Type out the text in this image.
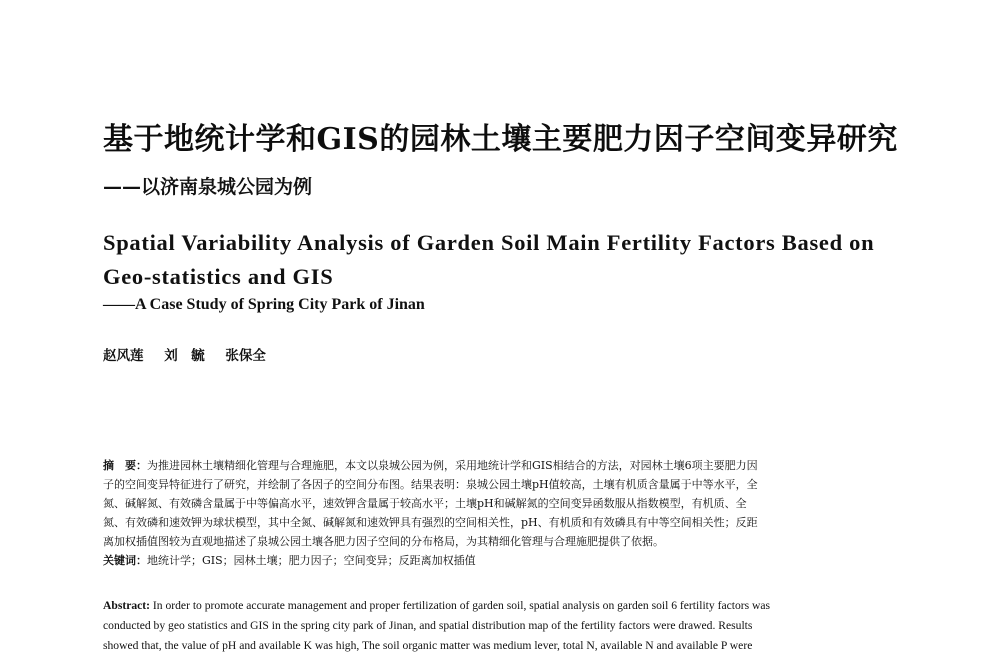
基于地统计学和GIS的园林土壤主要肥力因子空间变异研究
——以济南泉城公园为例
Spatial Variability Analysis of Garden Soil Main Fertility Factors Based on
Geo-statistics and GIS
——A Case Study of Spring City Park of Jinan
赵风莲 刘　毓 张保全
摘　要：为推进园林土壤精细化管理与合理施肥，本文以泉城公园为例，采用地统计学和GIS相结合的方法，对园林土壤6项主要肥力因
子的空间变异特征进行了研究，并绘制了各因子的空间分布图。结果表明：泉城公园土壤pH值较高，土壤有机质含量属于中等水平，全
氮、碱解氮、有效磷含量属于中等偏高水平，速效钾含量属于较高水平；土壤pH和碱解氮的空间变异函数服从指数模型，有机质、全
氮、有效磷和速效钾为球状模型，其中全氮、碱解氮和速效钾具有强烈的空间相关性，pH、有机质和有效磷具有中等空间相关性；反距
离加权插值图较为直观地描述了泉城公园土壤各肥力因子空间的分布格局，为其精细化管理与合理施肥提供了依据。
关键词：地统计学；GIS；园林土壤；肥力因子；空间变异；反距离加权插值
Abstract: In order to promote accurate management and proper fertilization of garden soil, spatial analysis on garden soil 6 fertility factors was
conducted by geo statistics and GIS in the spring city park of Jinan, and spatial distribution map of the fertility factors were drawed. Results
showed that, the value of pH and available K was high, The soil organic matter was medium lever, total N, available N and available P were
